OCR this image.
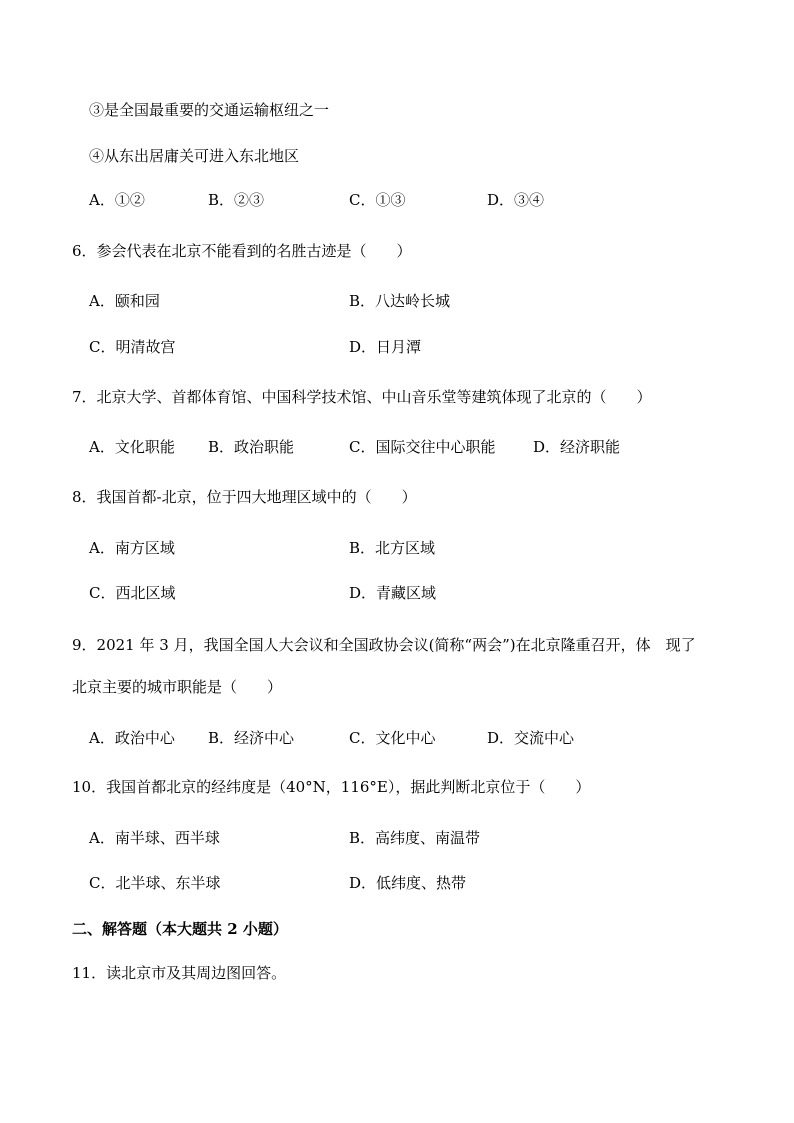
③是全国最重要的交通运输枢纽之一
④从东出居庸关可进入东北地区
A．①②	B．②③	C．①③	D．③④
6．参会代表在北京不能看到的名胜古迹是（　　）
A．颐和园	B．八达岭长城
C．明清故宫	D．日月潭
7．北京大学、首都体育馆、中国科学技术馆、中山音乐堂等建筑体现了北京的（　　）
A．文化职能 B．政治职能	C．国际交往中心职能	D．经济职能
8．我国首都-北京，位于四大地理区域中的（　　）
A．南方区域	B．北方区域
C．西北区域	D．青藏区域
9．2021 年 3 月，我国全国人大会议和全国政协会议(简称“两会”)在北京隆重召开，体　现了
北京主要的城市职能是（　　）
A．政治中心 B．经济中心	C．文化中心	D．交流中心
10．我国首都北京的经纬度是（40°N，116°E），据此判断北京位于（　　）
A．南半球、西半球	B．高纬度、南温带
C．北半球、东半球	D．低纬度、热带
二、解答题（本大题共 2 小题）
11．读北京市及其周边图回答。
